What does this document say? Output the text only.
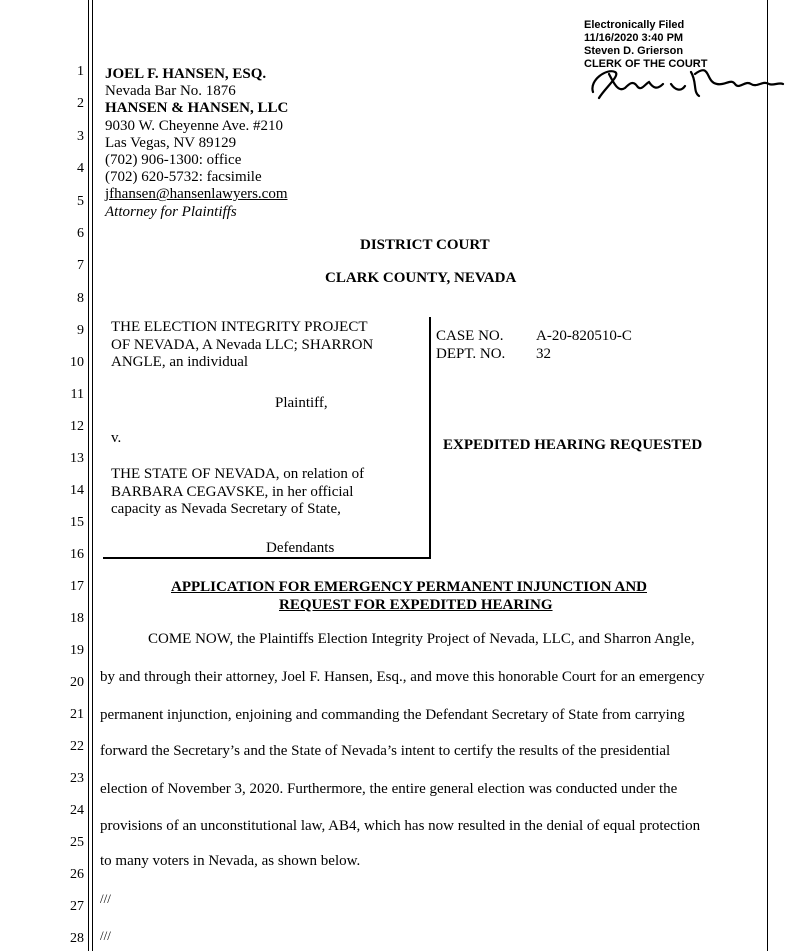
1
2
3
4
5
6
7
8
9
10
11
12
13
14
15
16
17
18
19
20
21
22
23
24
25
26
27
28
Electronically Filed
11/16/2020 3:40 PM
Steven D. Grierson
CLERK OF THE COURT
JOEL F. HANSEN, ESQ.
Nevada Bar No. 1876
HANSEN & HANSEN, LLC
9030 W. Cheyenne Ave. #210
Las Vegas, NV 89129
(702) 906-1300: office
(702) 620-5732: facsimile
jfhansen@hansenlawyers.com
Attorney for Plaintiffs
DISTRICT COURT
CLARK COUNTY, NEVADA
THE ELECTION INTEGRITY PROJECT
OF NEVADA, A Nevada LLC; SHARRON
ANGLE, an individual
Plaintiff,
v.
THE STATE OF NEVADA, on relation of
BARBARA CEGAVSKE, in her official
capacity as Nevada Secretary of State,
Defendants
CASE NO. A-20-820510-C
DEPT. NO. 32
EXPEDITED HEARING REQUESTED
APPLICATION FOR EMERGENCY PERMANENT INJUNCTION AND
REQUEST FOR EXPEDITED HEARING
COME NOW, the Plaintiffs Election Integrity Project of Nevada, LLC, and Sharron Angle,
by and through their attorney, Joel F. Hansen, Esq., and move this honorable Court for an emergency
permanent injunction, enjoining and commanding the Defendant Secretary of State from carrying
forward the Secretary’s and the State of Nevada’s intent to certify the results of the presidential
election of November 3, 2020. Furthermore, the entire general election was conducted under the
provisions of an unconstitutional law, AB4, which has now resulted in the denial of equal protection
to many voters in Nevada, as shown below.
///
///
